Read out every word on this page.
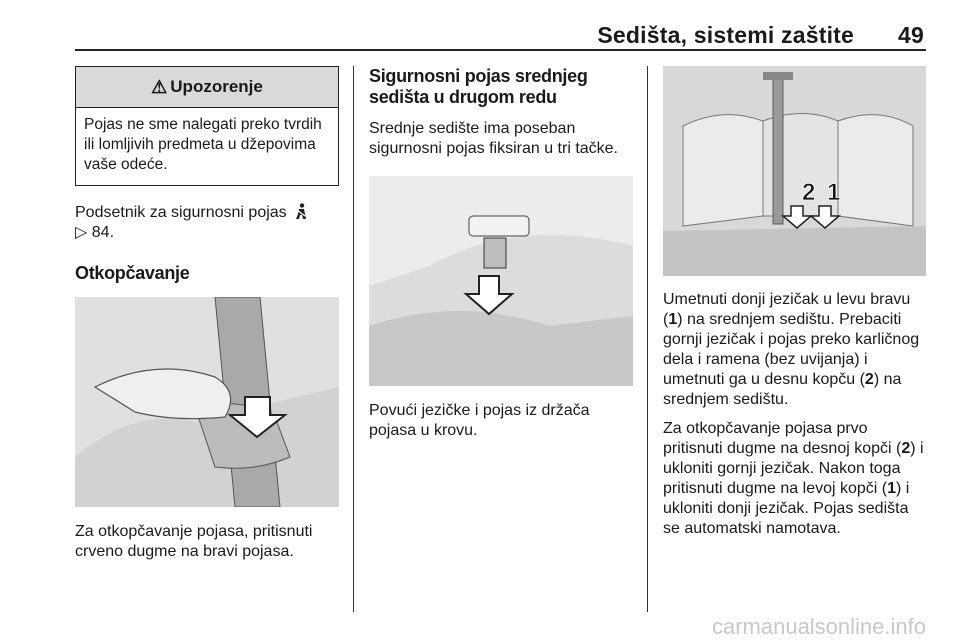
Sedišta, sistemi zaštite 49
⚠ Upozorenje
Pojas ne sme nalegati preko tvrdih ili lomljivih predmeta u džepovima vaše odeće.

Podsetnik za sigurnosni pojas
▷ 84.

Otkopčavanje

Za otkopčavanje pojasa, pritisnuti crveno dugme na bravi pojasa.

Sigurnosni pojas srednjeg sedišta u drugom redu

Srednje sedište ima poseban sigurnosni pojas fiksiran u tri tačke.

Povući jezičke i pojas iz držača pojasa u krovu.

2 1

Umetnuti donji jezičak u levu bravu (1) na srednjem sedištu. Prebaciti gornji jezičak i pojas preko karličnog dela i ramena (bez uvijanja) i umetnuti ga u desnu kopču (2) na srednjem sedištu.

Za otkopčavanje pojasa prvo pritisnuti dugme na desnoj kopči (2) i ukloniti gornji jezičak. Nakon toga pritisnuti dugme na levoj kopči (1) i ukloniti donji jezičak. Pojas sedišta se automatski namotava.

carmanualsonline.info
